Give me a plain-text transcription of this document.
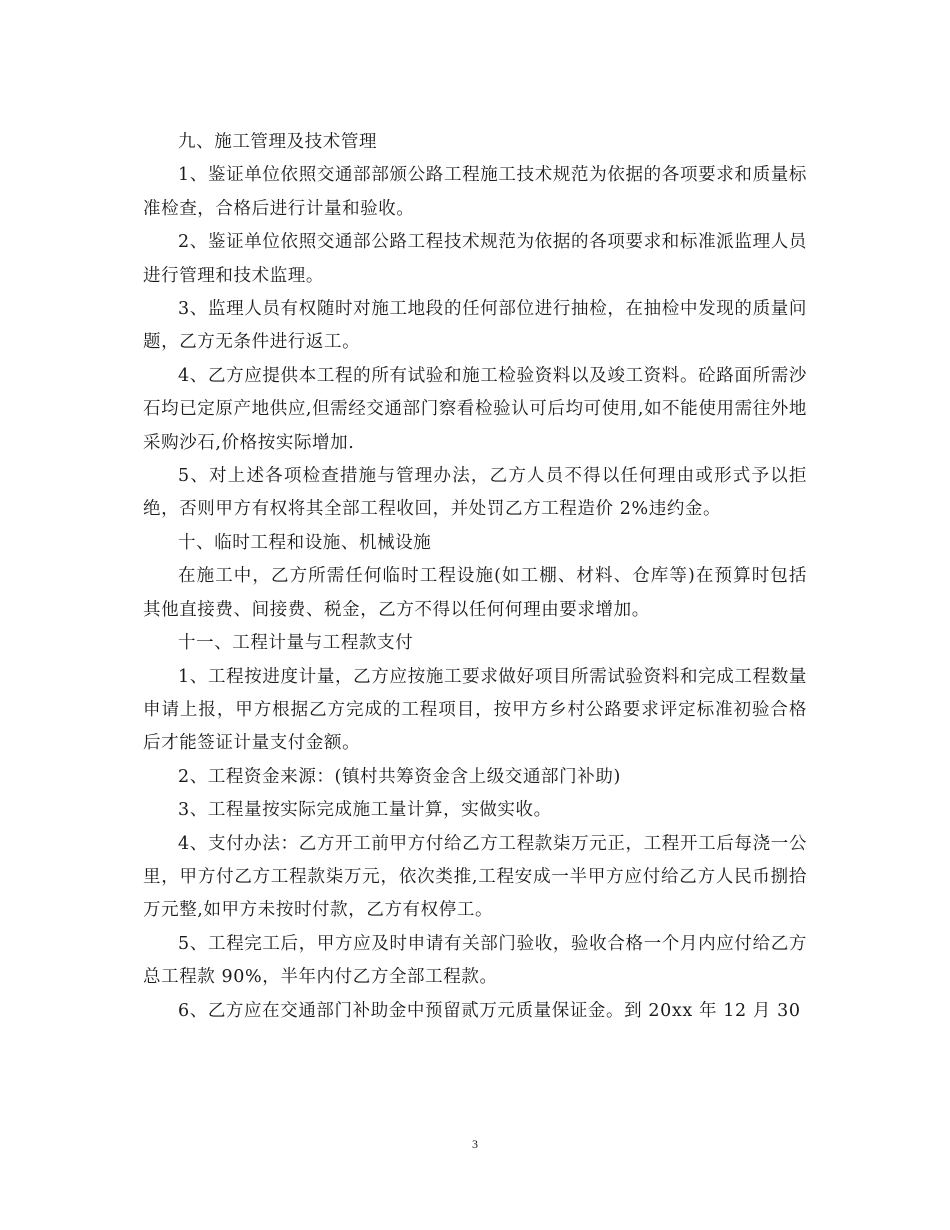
九、施工管理及技术管理

1、鉴证单位依照交通部部颁公路工程施工技术规范为依据的各项要求和质量标准检查，合格后进行计量和验收。

2、鉴证单位依照交通部公路工程技术规范为依据的各项要求和标准派监理人员进行管理和技术监理。

3、监理人员有权随时对施工地段的任何部位进行抽检，在抽检中发现的质量问题，乙方无条件进行返工。

4、乙方应提供本工程的所有试验和施工检验资料以及竣工资料。砼路面所需沙石均已定原产地供应,但需经交通部门察看检验认可后均可使用,如不能使用需往外地采购沙石,价格按实际增加.

5、对上述各项检查措施与管理办法，乙方人员不得以任何理由或形式予以拒绝，否则甲方有权将其全部工程收回，并处罚乙方工程造价 2%违约金。

十、临时工程和设施、机械设施

在施工中，乙方所需任何临时工程设施(如工棚、材料、仓库等)在预算时包括其他直接费、间接费、税金，乙方不得以任何何理由要求增加。

十一、工程计量与工程款支付

1、工程按进度计量，乙方应按施工要求做好项目所需试验资料和完成工程数量申请上报，甲方根据乙方完成的工程项目，按甲方乡村公路要求评定标准初验合格后才能签证计量支付金额。

2、工程资金来源：(镇村共筹资金含上级交通部门补助)

3、工程量按实际完成施工量计算，实做实收。

4、支付办法：乙方开工前甲方付给乙方工程款柒万元正，工程开工后每浇一公里，甲方付乙方工程款柒万元，依次类推,工程安成一半甲方应付给乙方人民币捌拾万元整,如甲方未按时付款，乙方有权停工。

5、工程完工后，甲方应及时申请有关部门验收，验收合格一个月内应付给乙方总工程款 90%，半年内付乙方全部工程款。

6、乙方应在交通部门补助金中预留贰万元质量保证金。到 20xx 年 12 月 30

3
